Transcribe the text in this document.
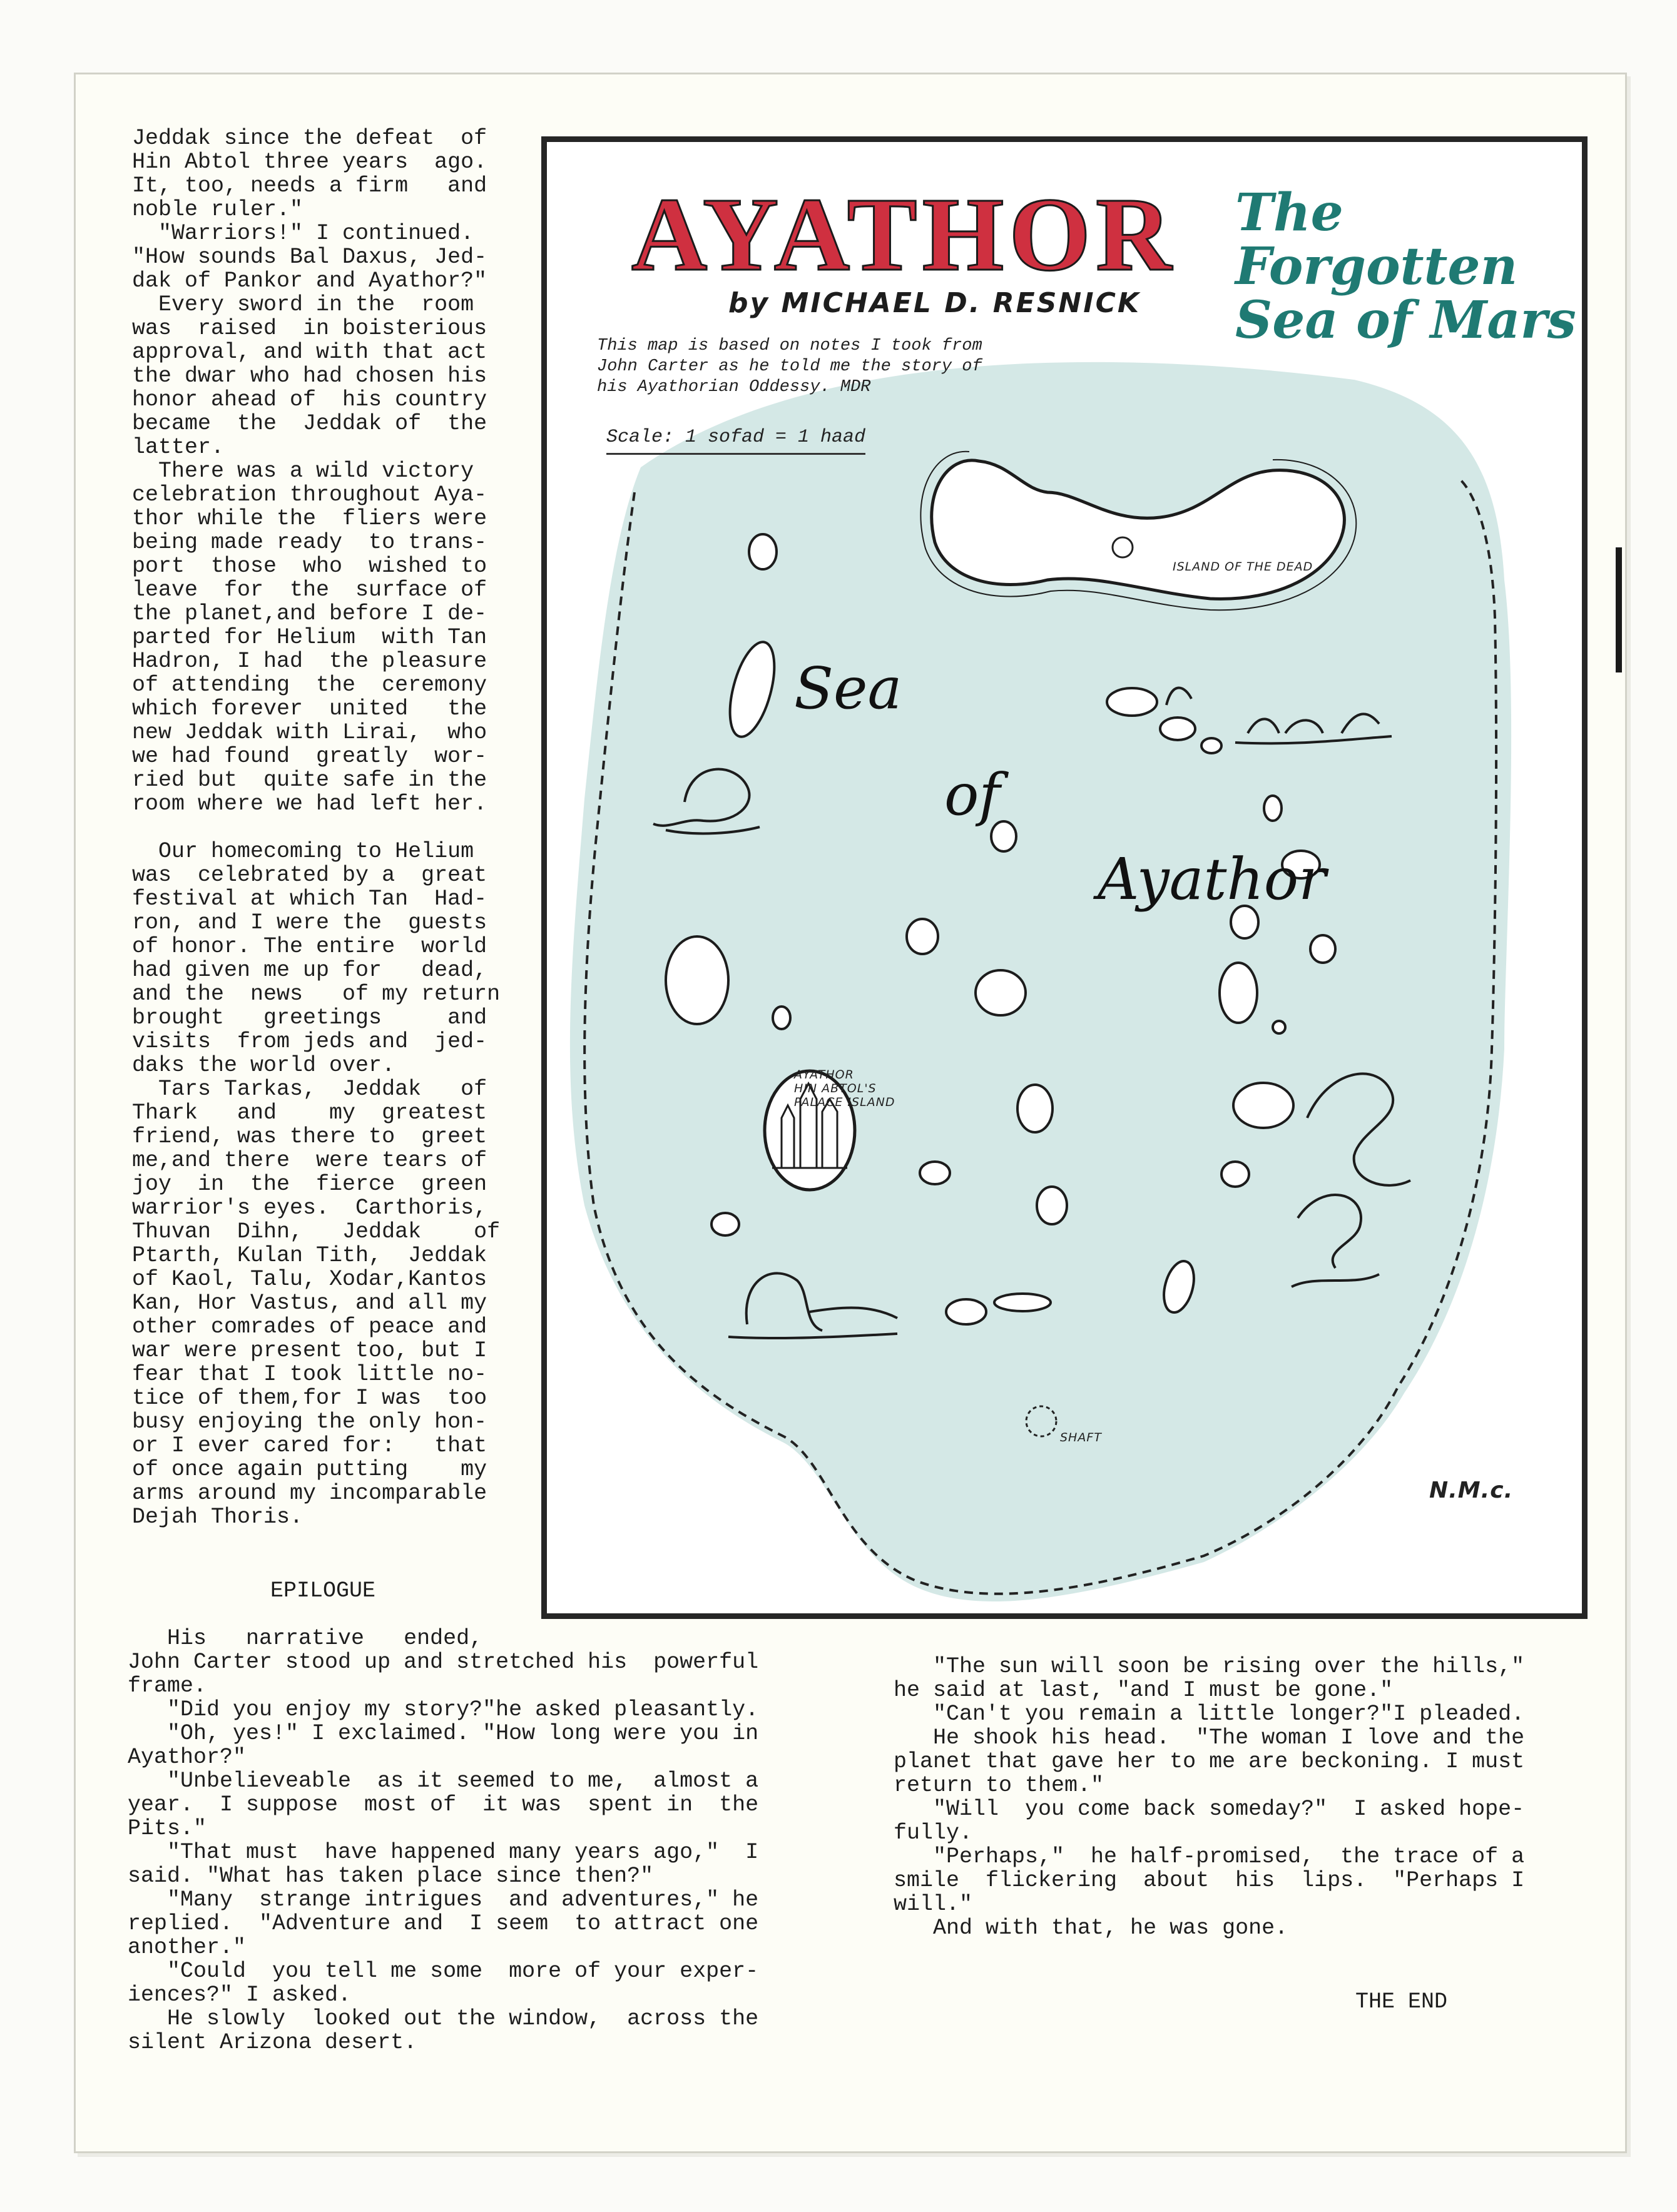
Jeddak since the defeat  of
Hin Abtol three years  ago.
It, too, needs a firm   and
noble ruler."
"Warriors!" I continued.
"How sounds Bal Daxus, Jed-
dak of Pankor and Ayathor?"
Every sword in the  room
was  raised  in boisterious
approval, and with that act
the dwar who had chosen his
honor ahead of  his country
became  the  Jeddak of  the
latter.
There was a wild victory
celebration throughout Aya-
thor while the  fliers were
being made ready  to trans-
port  those  who  wished to
leave  for  the  surface of
the planet,and before I de-
parted for Helium  with Tan
Hadron, I had  the pleasure
of attending  the  ceremony
which forever  united   the
new Jeddak with Lirai,  who
we had found  greatly  wor-
ried but  quite safe in the
room where we had left her.

Our homecoming to Helium
was  celebrated by a  great
festival at which Tan  Had-
ron, and I were the  guests
of honor. The entire  world
had given me up for   dead,
and the  news   of my return
brought   greetings     and
visits  from jeds and  jed-
daks the world over.
Tars Tarkas,  Jeddak   of
Thark   and    my  greatest
friend, was there to  greet
me,and there  were tears of
joy  in  the  fierce  green
warrior's eyes.  Carthoris,
Thuvan  Dihn,   Jeddak    of
Ptarth, Kulan Tith,  Jeddak
of Kaol, Talu, Xodar,Kantos
Kan, Hor Vastus, and all my
other comrades of peace and
war were present too, but I
fear that I took little no-
tice of them,for I was  too
busy enjoying the only hon-
or I ever cared for:   that
of once again putting    my
arms around my incomparable
Dejah Thoris.
AYATHOR
by MICHAEL D. RESNICK
The
Forgotten
Sea of Mars
This map is based on notes I took from
John Carter as he told me the story of
his Ayathorian Oddessy. MDR
Scale: 1 sofad = 1 haad
Sea
of
Ayathor
ISLAND OF THE DEAD
AYATHOR
HIN ABTOL'S
PALACE ISLAND
SHAFT
N.M.c.
EPILOGUE
His   narrative   ended,
John Carter stood up and stretched his  powerful
frame.
"Did you enjoy my story?"he asked pleasantly.
"Oh, yes!" I exclaimed. "How long were you in
Ayathor?"
"Unbelieveable  as it seemed to me,  almost a
year.  I suppose  most of  it was  spent in  the
Pits."
"That must  have happened many years ago,"  I
said. "What has taken place since then?"
"Many  strange intrigues  and adventures," he
replied.  "Adventure and  I seem  to attract one
another."
"Could  you tell me some  more of your exper-
iences?" I asked.
He slowly  looked out the window,  across the
silent Arizona desert.
"The sun will soon be rising over the hills,"
he said at last, "and I must be gone."
"Can't you remain a little longer?"I pleaded.
He shook his head.  "The woman I love and the
planet that gave her to me are beckoning. I must
return to them."
"Will  you come back someday?"  I asked hope-
fully.
"Perhaps,"  he half-promised,  the trace of a
smile  flickering  about  his  lips.  "Perhaps I
will."
And with that, he was gone.
THE END
